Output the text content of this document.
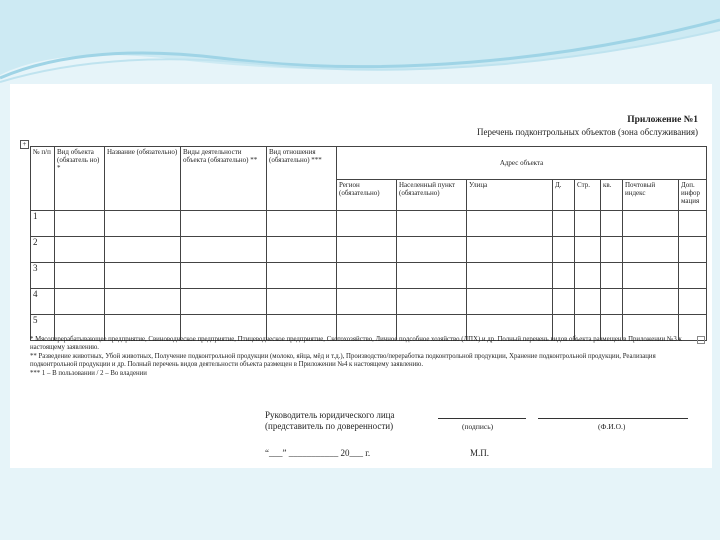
Приложение №1
Перечень подконтрольных объектов (зона обслуживания)
+
№ п/п	Вид объекта (обязатель но) *	Название (обязательно)	Виды деятельности объекта (обязательно) **	Вид отношения (обязательно) ***	Адрес объекта							
					Регион (обязательно)	Населенный пункт (обязательно)	Улица	Д.	Стр.	кв.	Почтовый индекс	Доп. инфор мация
1												
2												
3												
4												
5												
* Мясоперерабатывающее предприятие, Свиноводческое предприятие, Птицеводческое предприятие, Скотохозяйство, Личное подсобное хозяйство (ЛПХ) и др. Полный перечень видов объекта размещен в Приложении №3 к настоящему заявлению.
** Разведение животных, Убой животных, Получение подконтрольной продукции (молоко, яйца, мёд и т.д.), Производство/переработка подконтрольной продукции, Хранение подконтрольной продукции, Реализация подконтрольной продукции и др. Полный перечень видов деятельности объекта размещен в Приложении №4 к настоящему заявлению.
*** 1 – В пользовании / 2 – Во владении
Руководитель юридического лица
(представитель по доверенности)	(подпись)	(Ф.И.О.)
“___” ___________ 20___ г.	М.П.
